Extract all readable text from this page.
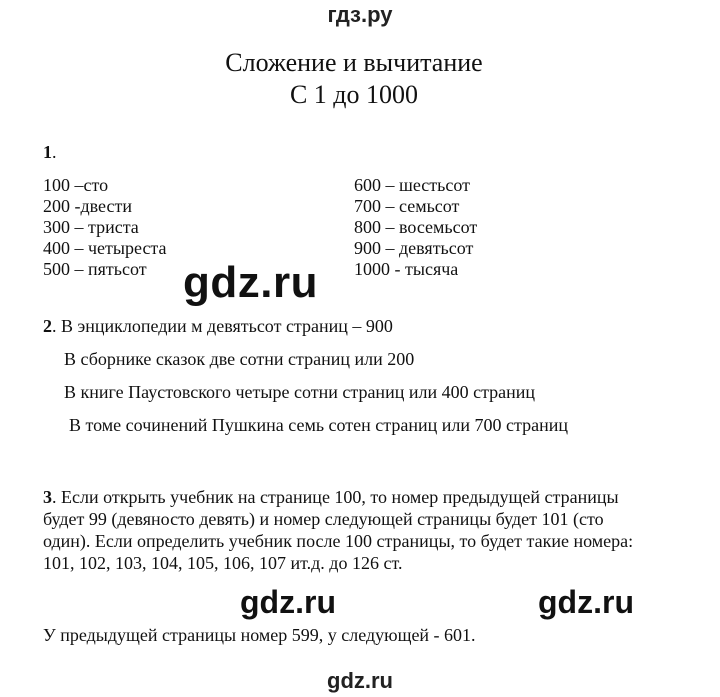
гдз.ру
Сложение и вычитание
С 1 до 1000
1.
100 –сто
200 -двести
300 – триста
400 – четыреста
500 – пятьсот
600 – шестьсот
700 – семьсот
800 – восемьсот
900 – девятьсот
1000 - тысяча
gdz.ru
2. В энциклопедии м девятьсот страниц – 900
В сборнике сказок две сотни страниц или 200
В книге Паустовского четыре сотни страниц или 400 страниц
В томе сочинений Пушкина семь сотен страниц или 700 страниц
3. Если открыть учебник на странице 100, то номер предыдущей страницы
будет 99 (девяносто девять) и номер следующей страницы будет 101 (сто
один). Если определить учебник после 100 страницы, то будет такие номера:
101, 102, 103, 104, 105, 106, 107 ит.д. до 126 ст.
gdz.ru	gdz.ru
У предыдущей страницы номер 599, у следующей - 601.
gdz.ru
